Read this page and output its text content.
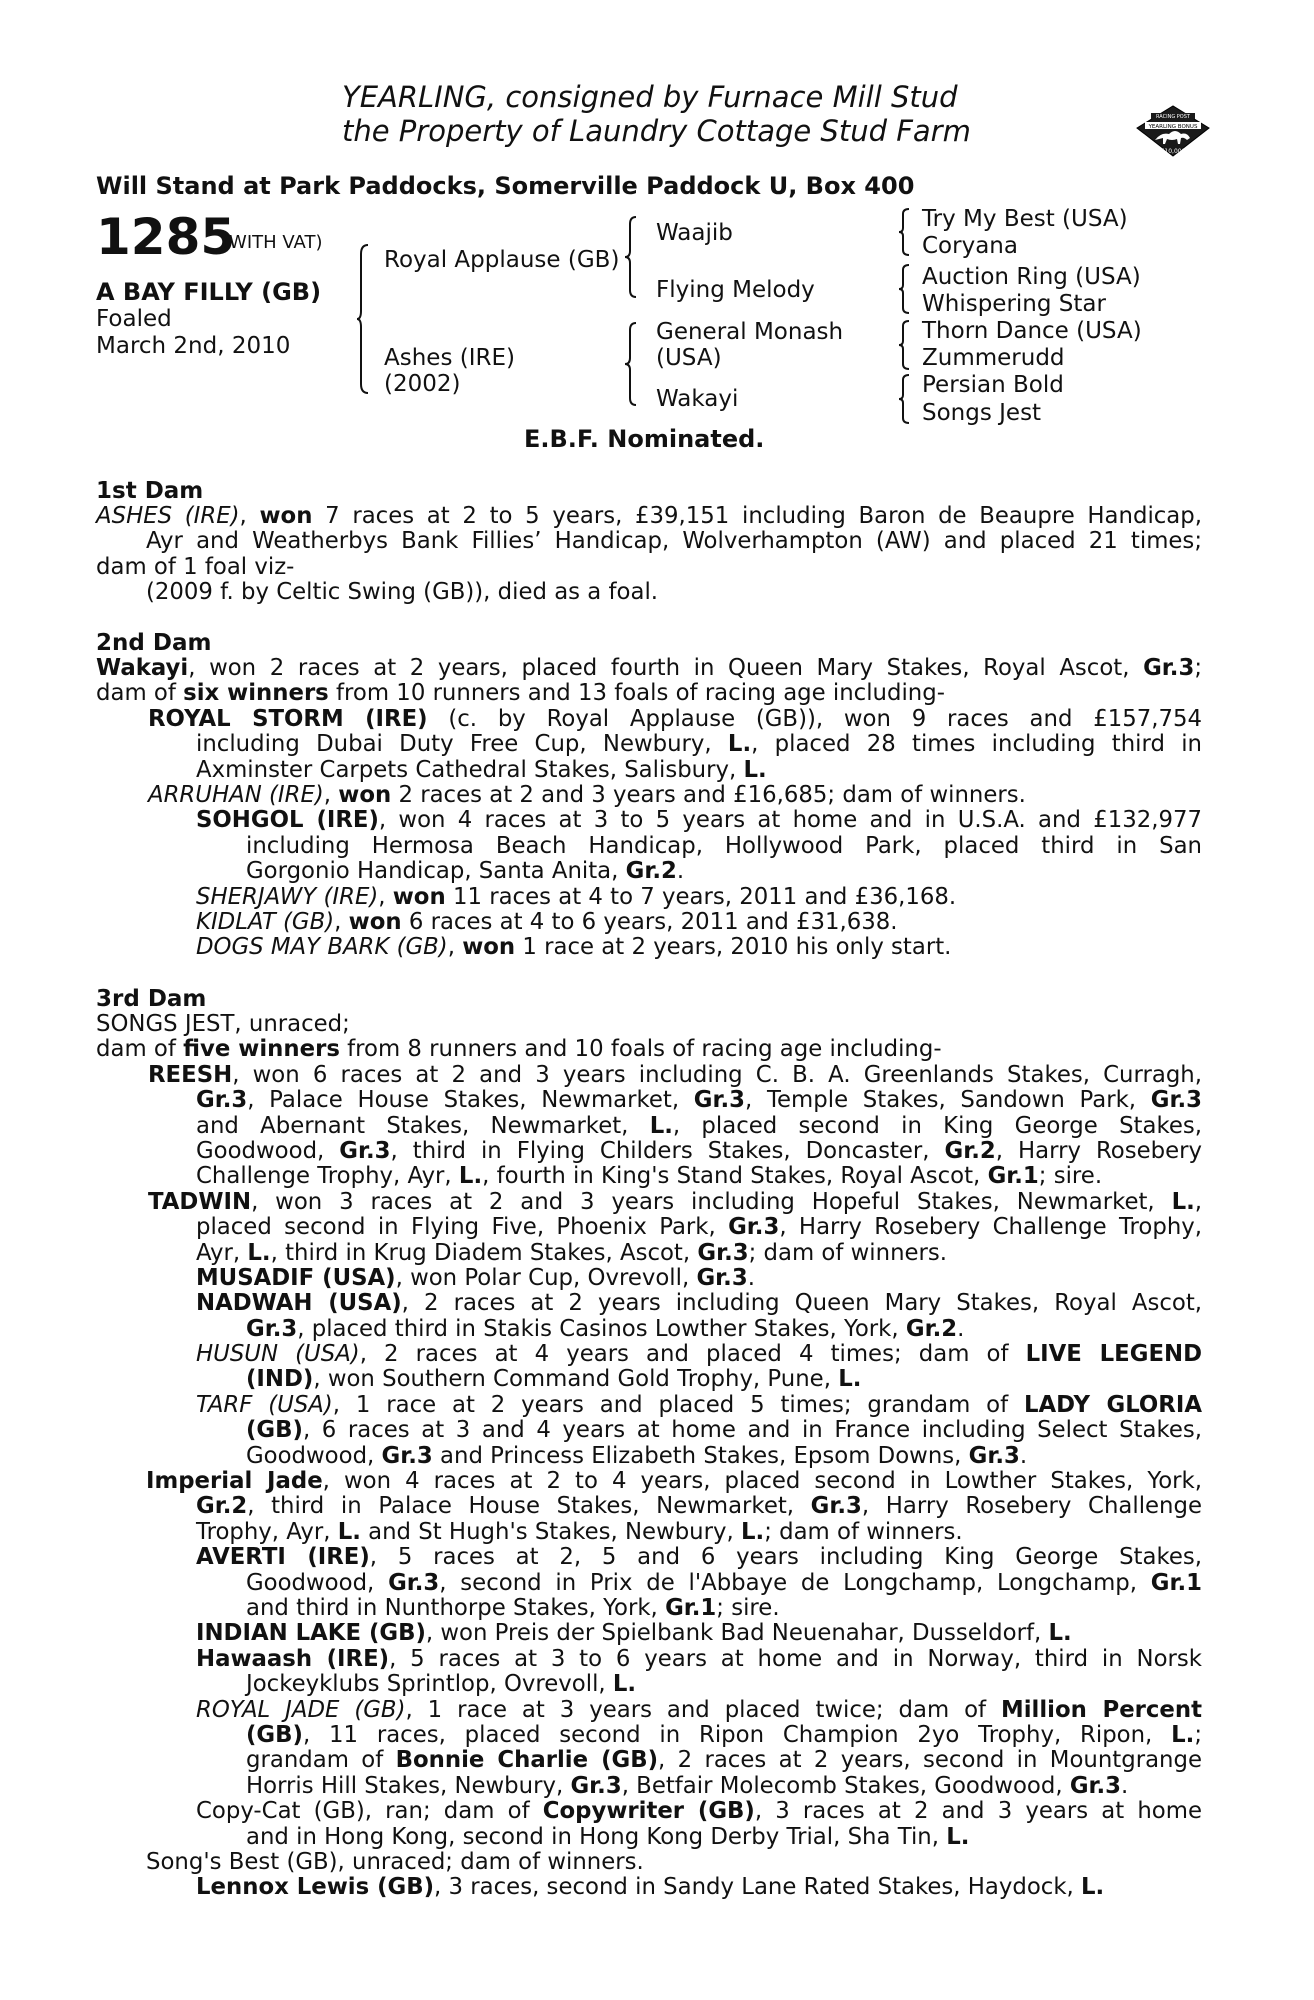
YEARLING, consigned by Furnace Mill Stud
the Property of Laundry Cottage Stud Farm	RACING POST
YEARLING BONUS
£10,000
Will Stand at Park Paddocks, Somerville Paddock U, Box 400
1285
(WITH VAT)
A BAY FILLY (GB)
Foaled
March 2nd, 2010
Royal Applause (GB)
Ashes (IRE)
(2002)
Waajib
Flying Melody
General Monash
(USA)
Wakayi
Try My Best (USA)
Coryana
Auction Ring (USA)
Whispering Star
Thorn Dance (USA)
Zummerudd
Persian Bold
Songs Jest
E.B.F. Nominated.
1st Dam
ASHES (IRE), won 7 races at 2 to 5 years, £39,151 including Baron de Beaupre Handicap,
Ayr and Weatherbys Bank Fillies’ Handicap, Wolverhampton (AW) and placed 21 times;
dam of 1 foal viz-
(2009 f. by Celtic Swing (GB)), died as a foal.
2nd Dam
Wakayi, won 2 races at 2 years, placed fourth in Queen Mary Stakes, Royal Ascot, Gr.3;
dam of six winners from 10 runners and 13 foals of racing age including-
ROYAL STORM (IRE) (c. by Royal Applause (GB)), won 9 races and £157,754
including Dubai Duty Free Cup, Newbury, L., placed 28 times including third in
Axminster Carpets Cathedral Stakes, Salisbury, L.
ARRUHAN (IRE), won 2 races at 2 and 3 years and £16,685; dam of winners.
SOHGOL (IRE), won 4 races at 3 to 5 years at home and in U.S.A. and £132,977
including Hermosa Beach Handicap, Hollywood Park, placed third in San
Gorgonio Handicap, Santa Anita, Gr.2.
SHERJAWY (IRE), won 11 races at 4 to 7 years, 2011 and £36,168.
KIDLAT (GB), won 6 races at 4 to 6 years, 2011 and £31,638.
DOGS MAY BARK (GB), won 1 race at 2 years, 2010 his only start.
3rd Dam
SONGS JEST, unraced;
dam of five winners from 8 runners and 10 foals of racing age including-
REESH, won 6 races at 2 and 3 years including C. B. A. Greenlands Stakes, Curragh,
Gr.3, Palace House Stakes, Newmarket, Gr.3, Temple Stakes, Sandown Park, Gr.3
and Abernant Stakes, Newmarket, L., placed second in King George Stakes,
Goodwood, Gr.3, third in Flying Childers Stakes, Doncaster, Gr.2, Harry Rosebery
Challenge Trophy, Ayr, L., fourth in King's Stand Stakes, Royal Ascot, Gr.1; sire.
TADWIN, won 3 races at 2 and 3 years including Hopeful Stakes, Newmarket, L.,
placed second in Flying Five, Phoenix Park, Gr.3, Harry Rosebery Challenge Trophy,
Ayr, L., third in Krug Diadem Stakes, Ascot, Gr.3; dam of winners.
MUSADIF (USA), won Polar Cup, Ovrevoll, Gr.3.
NADWAH (USA), 2 races at 2 years including Queen Mary Stakes, Royal Ascot,
Gr.3, placed third in Stakis Casinos Lowther Stakes, York, Gr.2.
HUSUN (USA), 2 races at 4 years and placed 4 times; dam of LIVE LEGEND
(IND), won Southern Command Gold Trophy, Pune, L.
TARF (USA), 1 race at 2 years and placed 5 times; grandam of LADY GLORIA
(GB), 6 races at 3 and 4 years at home and in France including Select Stakes,
Goodwood, Gr.3 and Princess Elizabeth Stakes, Epsom Downs, Gr.3.
Imperial Jade, won 4 races at 2 to 4 years, placed second in Lowther Stakes, York,
Gr.2, third in Palace House Stakes, Newmarket, Gr.3, Harry Rosebery Challenge
Trophy, Ayr, L. and St Hugh's Stakes, Newbury, L.; dam of winners.
AVERTI (IRE), 5 races at 2, 5 and 6 years including King George Stakes,
Goodwood, Gr.3, second in Prix de l'Abbaye de Longchamp, Longchamp, Gr.1
and third in Nunthorpe Stakes, York, Gr.1; sire.
INDIAN LAKE (GB), won Preis der Spielbank Bad Neuenahar, Dusseldorf, L.
Hawaash (IRE), 5 races at 3 to 6 years at home and in Norway, third in Norsk
Jockeyklubs Sprintlop, Ovrevoll, L.
ROYAL JADE (GB), 1 race at 3 years and placed twice; dam of Million Percent
(GB), 11 races, placed second in Ripon Champion 2yo Trophy, Ripon, L.;
grandam of Bonnie Charlie (GB), 2 races at 2 years, second in Mountgrange
Horris Hill Stakes, Newbury, Gr.3, Betfair Molecomb Stakes, Goodwood, Gr.3.
Copy-Cat (GB), ran; dam of Copywriter (GB), 3 races at 2 and 3 years at home
and in Hong Kong, second in Hong Kong Derby Trial, Sha Tin, L.
Song's Best (GB), unraced; dam of winners.
Lennox Lewis (GB), 3 races, second in Sandy Lane Rated Stakes, Haydock, L.
